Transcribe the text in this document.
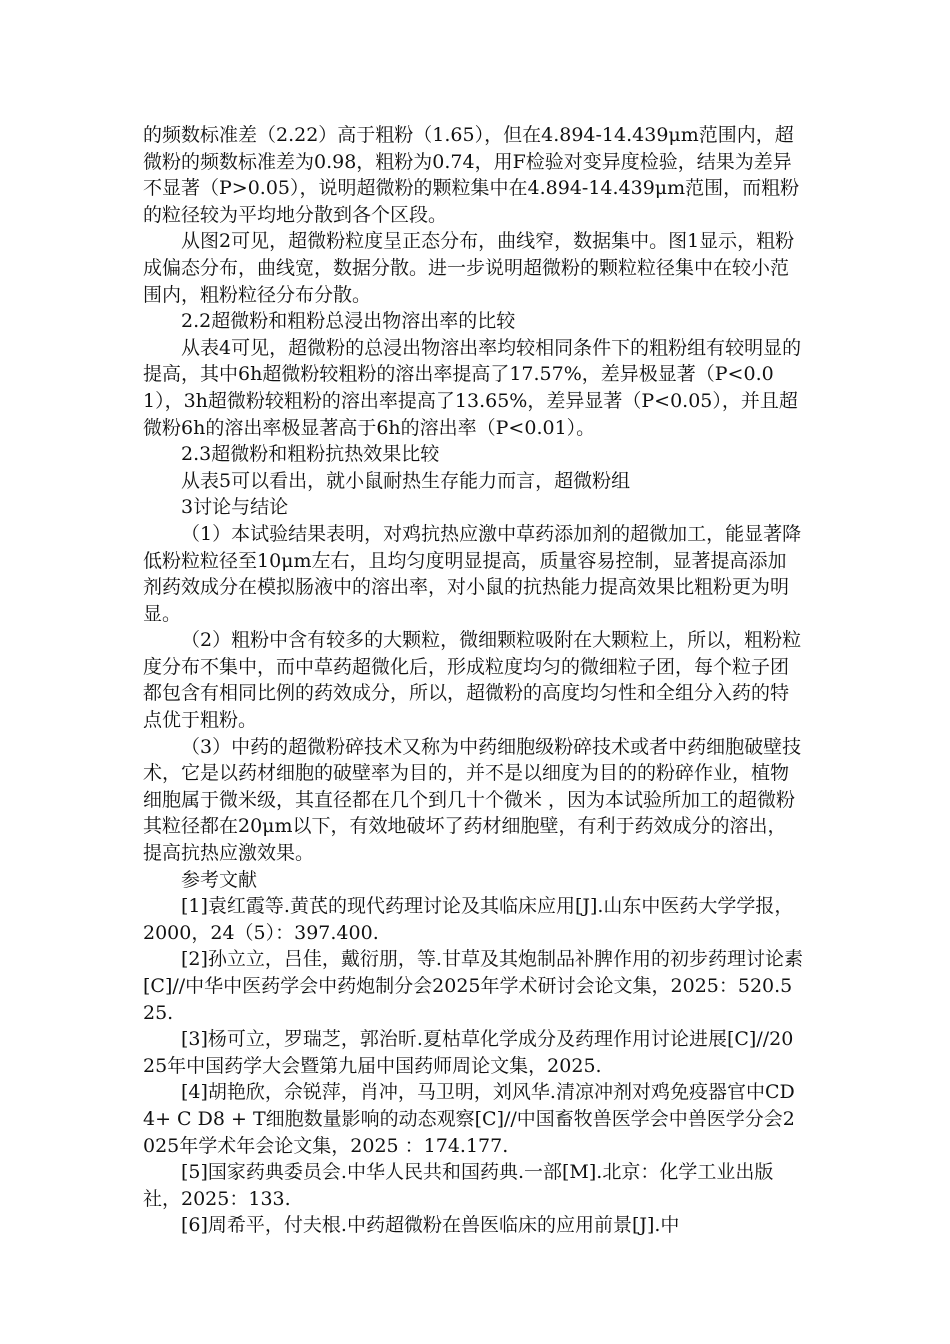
的频数标准差（2.22）高于粗粉（1.65），但在4.894-14.439μm范围内，超微粉的频数标准差为0.98，粗粉为0.74，用F检验对变异度检验，结果为差异不显著（P>0.05），说明超微粉的颗粒集中在4.894-14.439μm范围，而粗粉的粒径较为平均地分散到各个区段。

从图2可见，超微粉粒度呈正态分布，曲线窄，数据集中。图1显示，粗粉成偏态分布，曲线宽，数据分散。进一步说明超微粉的颗粒粒径集中在较小范围内，粗粉粒径分布分散。

2.2超微粉和粗粉总浸出物溶出率的比较

从表4可见，超微粉的总浸出物溶出率均较相同条件下的粗粉组有较明显的提高，其中6h超微粉较粗粉的溶出率提高了17.57%，差异极显著（P<0.01），3h超微粉较粗粉的溶出率提高了13.65%，差异显著（P<0.05），并且超微粉6h的溶出率极显著高于6h的溶出率（P<0.01）。

2.3超微粉和粗粉抗热效果比较

从表5可以看出，就小鼠耐热生存能力而言，超微粉组

3讨论与结论

（1）本试验结果表明，对鸡抗热应激中草药添加剂的超微加工，能显著降低粉粒粒径至10μm左右，且均匀度明显提高，质量容易控制，显著提高添加剂药效成分在模拟肠液中的溶出率，对小鼠的抗热能力提高效果比粗粉更为明显。

（2）粗粉中含有较多的大颗粒，微细颗粒吸附在大颗粒上，所以，粗粉粒度分布不集中，而中草药超微化后，形成粒度均匀的微细粒子团，每个粒子团都包含有相同比例的药效成分，所以，超微粉的高度均匀性和全组分入药的特点优于粗粉。

（3）中药的超微粉碎技术又称为中药细胞级粉碎技术或者中药细胞破壁技术，它是以药材细胞的破壁率为目的，并不是以细度为目的的粉碎作业，植物细胞属于微米级，其直径都在几个到几十个微米 ，因为本试验所加工的超微粉其粒径都在20μm以下，有效地破坏了药材细胞壁，有利于药效成分的溶出，提高抗热应激效果。

参考文献

[1]袁红霞等.黄芪的现代药理讨论及其临床应用[J].山东中医药大学学报，2000，24（5）：397.400.

[2]孙立立，吕佳，戴衍朋，等.甘草及其炮制品补脾作用的初步药理讨论素[C]//中华中医药学会中药炮制分会2025年学术研讨会论文集，2025：520.525.

[3]杨可立，罗瑞芝，郭治昕.夏枯草化学成分及药理作用讨论进展[C]//2025年中国药学大会暨第九届中国药师周论文集，2025.

[4]胡艳欣，佘锐萍，肖冲，马卫明，刘风华.清凉冲剂对鸡免疫器官中CD4+ C D8 + T细胞数量影响的动态观察[C]//中国畜牧兽医学会中兽医学分会2025年学术年会论文集，2025 ：174.177.

[5]国家药典委员会.中华人民共和国药典.一部[M].北京：化学工业出版社，2025：133.

[6]周希平，付夫根.中药超微粉在兽医临床的应用前景[J].中
